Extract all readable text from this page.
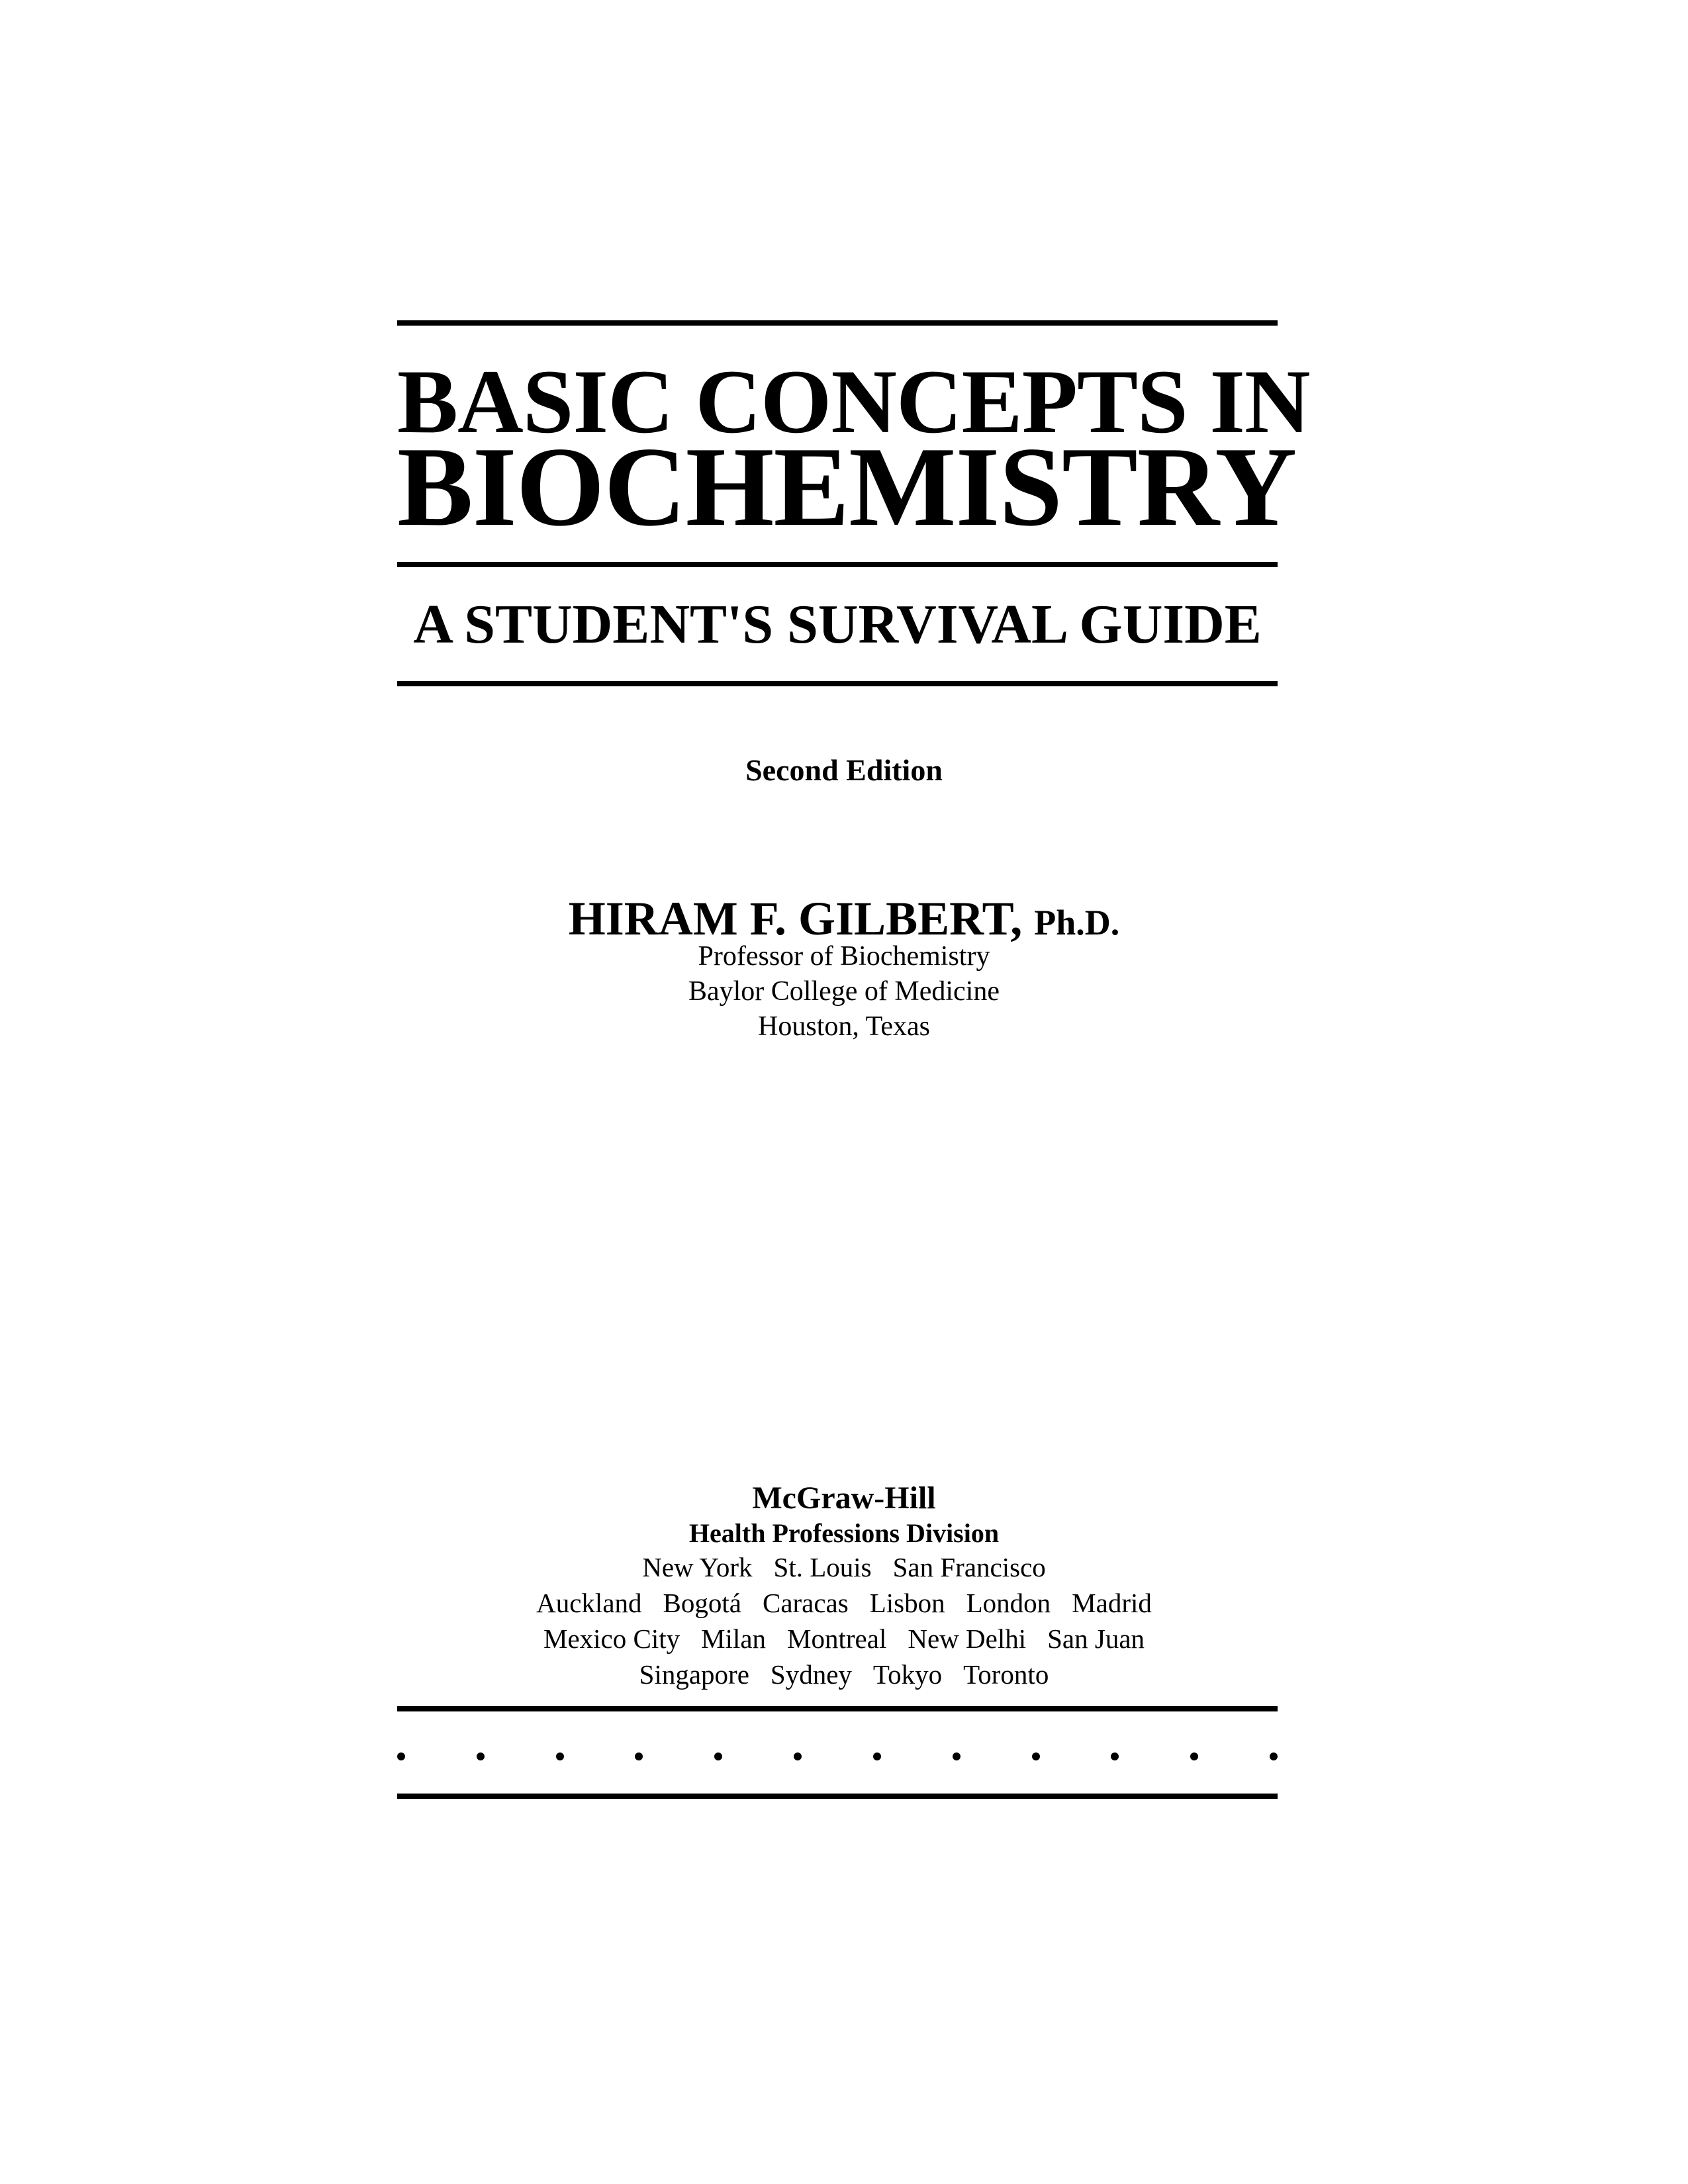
BASIC CONCEPTS IN
BIOCHEMISTRY
A STUDENT'S SURVIVAL GUIDE
Second Edition
HIRAM F. GILBERT, Ph.D.
Professor of Biochemistry
Baylor College of Medicine
Houston, Texas
McGraw-Hill
Health Professions Division
New York St. Louis San Francisco
Auckland Bogotá Caracas Lisbon London Madrid
Mexico City Milan Montreal New Delhi San Juan
Singapore Sydney Tokyo Toronto
